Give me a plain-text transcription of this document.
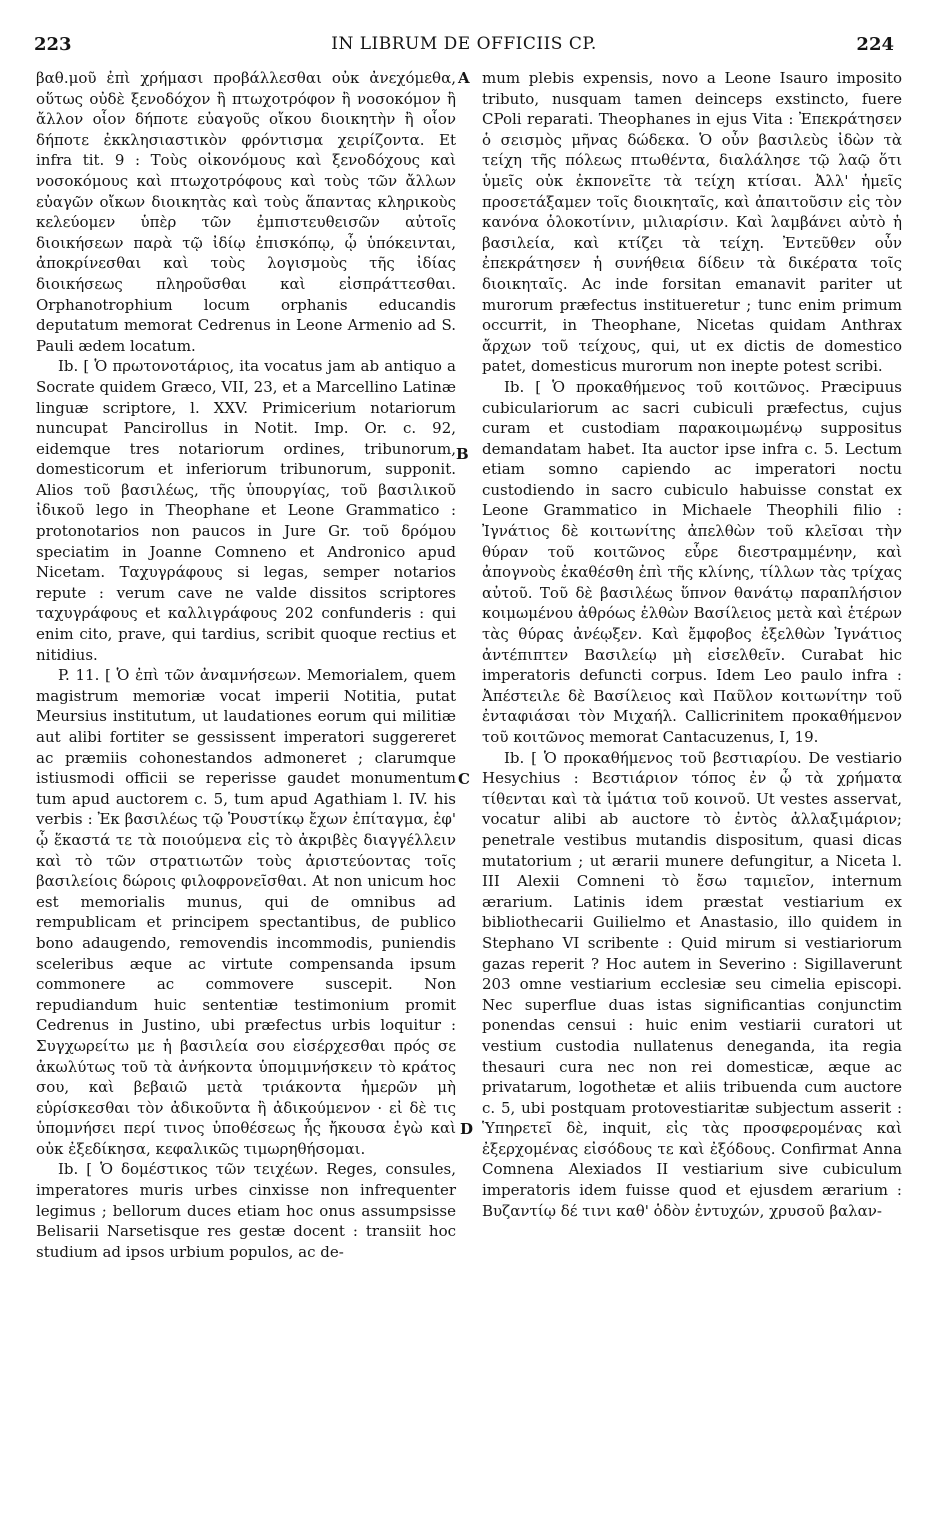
223	IN LIBRUM DE OFFICIIS CP.	224

βαθ.μοῦ ἐπὶ χρήμασι προβάλλεσθαι οὐκ ἀνεχόμεθα, οὕτως οὐδὲ ξενοδόχον ἢ πτωχοτρόφον ἢ νοσοκόμον ἢ ἄλλον οἷον δήποτε εὐαγοῦς οἴκου διοικητὴν ἢ οἷον δήποτε ἐκκλησιαστικὸν φρόντισμα χειρίζοντα. Et infra tit. 9 : Τοὺς οἰκονόμους καὶ ξενοδόχους καὶ νοσοκόμους καὶ πτωχοτρόφους καὶ τοὺς τῶν ἄλλων εὐαγῶν οἴκων διοικητὰς καὶ τοὺς ἅπαντας κληρικοὺς κελεύομεν ὑπὲρ τῶν ἐμπιστευθεισῶν αὐτοῖς διοικήσεων παρὰ τῷ ἰδίῳ ἐπισκόπῳ, ᾧ ὑπόκεινται, ἀποκρίνεσθαι καὶ τοὺς λογισμοὺς τῆς ἰδίας διοικήσεως πληροῦσθαι καὶ εἰσπράττεσθαι. Orphanotrophium locum orphanis educandis deputatum memorat Cedrenus in Leone Armenio ad S. Pauli ædem locatum.

Ib. [ Ὁ πρωτονοτάριος, ita vocatus jam ab antiquo a Socrate quidem Græco, VII, 23, et a Marcellino Latinæ linguæ scriptore, l. XXV. Primicerium notariorum nuncupat Pancirollus in Notit. Imp. Or. c. 92, eidemque tres notariorum ordines, tribunorum, domesticorum et inferiorum tribunorum, supponit. Alios τοῦ βασιλέως, τῆς ὑπουργίας, τοῦ βασιλικοῦ ἰδικοῦ lego in Theophane et Leone Grammatico : protonotarios non paucos in Jure Gr. τοῦ δρόμου speciatim in Joanne Comneno et Andronico apud Nicetam. Ταχυγράφους si legas, semper notarios repute : verum cave ne valde dissitos scriptores ταχυγράφους et καλλιγράφους 202 confunderis : qui enim cito, prave, qui tardius, scribit quoque rectius et nitidius.

P. 11. [ Ὁ ἐπὶ τῶν ἀναμνήσεων. Memorialem, quem magistrum memoriæ vocat imperii Notitia, putat Meursius institutum, ut laudationes eorum qui militiæ aut alibi fortiter se gessissent imperatori suggereret ac præmiis cohonestandos admoneret ; clarumque istiusmodi officii se reperisse gaudet monumentum tum apud auctorem c. 5, tum apud Agathiam l. IV. his verbis : Ἐκ βασιλέως τῷ Ῥουστίκῳ ἔχων ἐπίταγμα, ἐφ' ᾧ ἕκαστά τε τὰ ποιούμενα εἰς τὸ ἀκριβὲς διαγγέλλειν καὶ τὸ τῶν στρατιωτῶν τοὺς ἀριστεύοντας τοῖς βασιλείοις δώροις φιλοφρονεῖσθαι. At non unicum hoc est memorialis munus, qui de omnibus ad rempublicam et principem spectantibus, de publico bono adaugendo, removendis incommodis, puniendis sceleribus æque ac virtute compensanda ipsum commonere ac commovere suscepit. Non repudiandum huic sententiæ testimonium promit Cedrenus in Justino, ubi præfectus urbis loquitur : Συγχωρείτω με ἡ βασιλεία σου εἰσέρχεσθαι πρός σε ἀκωλύτως τοῦ τὰ ἀνήκοντα ὑπομιμνήσκειν τὸ κράτος σου, καὶ βεβαιῶ μετὰ τριάκοντα ἡμερῶν μὴ εὑρίσκεσθαι τὸν ἀδικοῦντα ἢ ἀδικούμενον · εἰ δὲ τις ὑπομνήσει περί τινος ὑποθέσεως ἧς ἤκουσα ἐγὼ καὶ οὐκ ἐξεδίκησα, κεφαλικῶς τιμωρηθήσομαι.

Ib. [ Ὁ δομέστικος τῶν τειχέων. Reges, consules, imperatores muris urbes cinxisse non infrequenter legimus ; bellorum duces etiam hoc onus assumpsisse Belisarii Narsetisque res gestæ docent : transiit hoc studium ad ipsos urbium populos, ac de-

A
B
C
D

mum plebis expensis, novo a Leone Isauro imposito tributo, nusquam tamen deinceps exstincto, fuere CPoli reparati. Theophanes in ejus Vita : Ἐπεκράτησεν ὁ σεισμὸς μῆνας δώδεκα. Ὁ οὖν βασιλεὺς ἰδὼν τὰ τείχη τῆς πόλεως πτωθέντα, διαλάλησε τῷ λαῷ ὅτι ὑμεῖς οὐκ ἐκπονεῖτε τὰ τείχη κτίσαι. Ἀλλ' ἡμεῖς προσετάξαμεν τοῖς διοικηταῖς, καὶ ἀπαιτοῦσιν εἰς τὸν κανόνα ὁλοκοτίνιν, μιλιαρίσιν. Καὶ λαμβάνει αὐτὸ ἡ βασιλεία, καὶ κτίζει τὰ τείχη. Ἐντεῦθεν οὖν ἐπεκράτησεν ἡ συνήθεια δίδειν τὰ δικέρατα τοῖς διοικηταῖς. Ac inde forsitan emanavit pariter ut murorum præfectus institueretur ; tunc enim primum occurrit, in Theophane, Nicetas quidam Anthrax ἄρχων τοῦ τείχους, qui, ut ex dictis de domestico patet, domesticus murorum non inepte potest scribi.

Ib. [ Ὁ προκαθήμενος τοῦ κοιτῶνος. Præcipuus cubiculariorum ac sacri cubiculi præfectus, cujus curam et custodiam παρακοιμωμένῳ suppositus demandatam habet. Ita auctor ipse infra c. 5. Lectum etiam somno capiendo ac imperatori noctu custodiendo in sacro cubiculo habuisse constat ex Leone Grammatico in Michaele Theophili filio : Ἰγνάτιος δὲ κοιτωνίτης ἀπελθὼν τοῦ κλεῖσαι τὴν θύραν τοῦ κοιτῶνος εὗρε διεστραμμένην, καὶ ἀπογνοὺς ἐκαθέσθη ἐπὶ τῆς κλίνης, τίλλων τὰς τρίχας αὐτοῦ. Τοῦ δὲ βασιλέως ὕπνον θανάτῳ παραπλήσιον κοιμωμένου ἀθρόως ἐλθὼν Βασίλειος μετὰ καὶ ἑτέρων τὰς θύρας ἀνέῳξεν. Καὶ ἔμφοβος ἐξελθὼν Ἰγνάτιος ἀντέπιπτεν Βασιλείῳ μὴ εἰσελθεῖν. Curabat hic imperatoris defuncti corpus. Idem Leo paulo infra : Ἀπέστειλε δὲ Βασίλειος καὶ Παῦλον κοιτωνίτην τοῦ ἐνταφιάσαι τὸν Μιχαήλ. Callicrinitem προκαθήμενον τοῦ κοιτῶνος memorat Cantacuzenus, I, 19.

Ib. [ Ὁ προκαθήμενος τοῦ βεστιαρίου. De vestiario Hesychius : Βεστιάριον τόπος ἐν ᾧ τὰ χρήματα τίθενται καὶ τὰ ἱμάτια τοῦ κοινοῦ. Ut vestes asservat, vocatur alibi ab auctore τὸ ἐντὸς ἀλλαξιμάριον; penetrale vestibus mutandis dispositum, quasi dicas mutatorium ; ut ærarii munere defungitur, a Niceta l. III Alexii Comneni τὸ ἔσω ταμιεῖον, internum ærarium. Latinis idem præstat vestiarium ex bibliothecarii Guilielmo et Anastasio, illo quidem in Stephano VI scribente : Quid mirum si vestiariorum gazas reperit ? Hoc autem in Severino : Sigillaverunt 203 omne vestiarium ecclesiæ seu cimelia episcopi. Nec superflue duas istas significantias conjunctim ponendas censui : huic enim vestiarii curatori ut vestium custodia nullatenus deneganda, ita regia thesauri cura nec non rei domesticæ, æque ac privatarum, logothetæ et aliis tribuenda cum auctore c. 5, ubi postquam protovestiaritæ subjectum asserit : Ὑπηρετεῖ δὲ, inquit, εἰς τὰς προσφερομένας καὶ ἐξερχομένας εἰσόδους τε καὶ ἐξόδους. Confirmat Anna Comnena Alexiados II vestiarium sive cubiculum imperatoris idem fuisse quod et ejusdem ærarium : Βυζαντίῳ δέ τινι καθ' ὁδὸν ἐντυχών, χρυσοῦ βαλαν-
